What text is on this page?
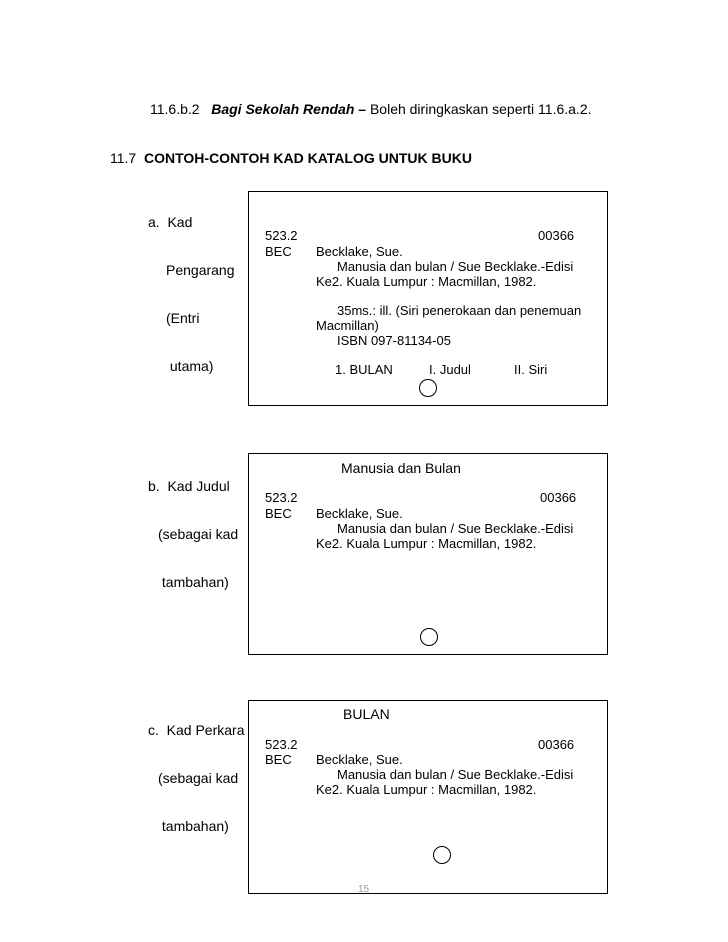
11.6.b.2 Bagi Sekolah Rendah – Boleh diringkaskan seperti 11.6.a.2.
11.7 CONTOH-CONTOH KAD KATALOG UNTUK BUKU

a.  Kad

Pengarang

(Entri

utama)

523.2	00366
BEC Becklake, Sue.
Manusia dan bulan / Sue Becklake.-Edisi
Ke2. Kuala Lumpur : Macmillan, 1982.
35ms.: ill. (Siri penerokaan dan penemuan
Macmillan)
ISBN 097-81134-05
1. BULAN	I. Judul	II. Siri

b.  Kad Judul

(sebagai kad

tambahan)

Manusia dan Bulan
523.2	00366
BEC Becklake, Sue.
Manusia dan bulan / Sue Becklake.-Edisi
Ke2. Kuala Lumpur : Macmillan, 1982.

c.  Kad Perkara

(sebagai kad

tambahan)

BULAN
523.2	00366
BEC Becklake, Sue.
Manusia dan bulan / Sue Becklake.-Edisi
Ke2. Kuala Lumpur : Macmillan, 1982.
15
